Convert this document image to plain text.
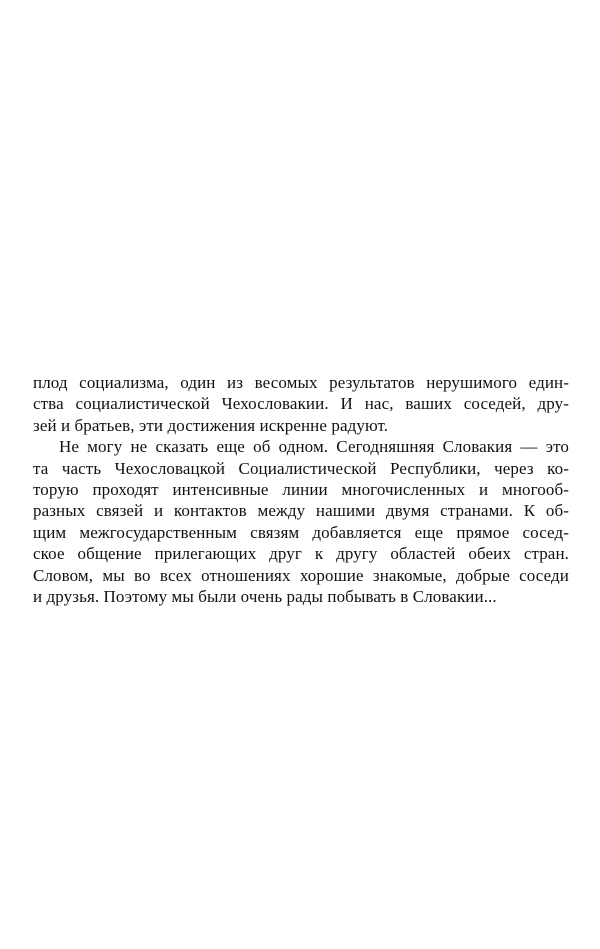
плод социализма, один из весомых результатов нерушимого един-
ства социалистической Чехословакии. И нас, ваших соседей, дру-
зей и братьев, эти достижения искренне радуют.
Не могу не сказать еще об одном. Сегодняшняя Словакия — это
та часть Чехословацкой Социалистической Республики, через ко-
торую проходят интенсивные линии многочисленных и многооб-
разных связей и контактов между нашими двумя странами. К об-
щим межгосударственным связям добавляется еще прямое сосед-
ское общение прилегающих друг к другу областей обеих стран.
Словом, мы во всех отношениях хорошие знакомые, добрые соседи
и друзья. Поэтому мы были очень рады побывать в Словакии...
